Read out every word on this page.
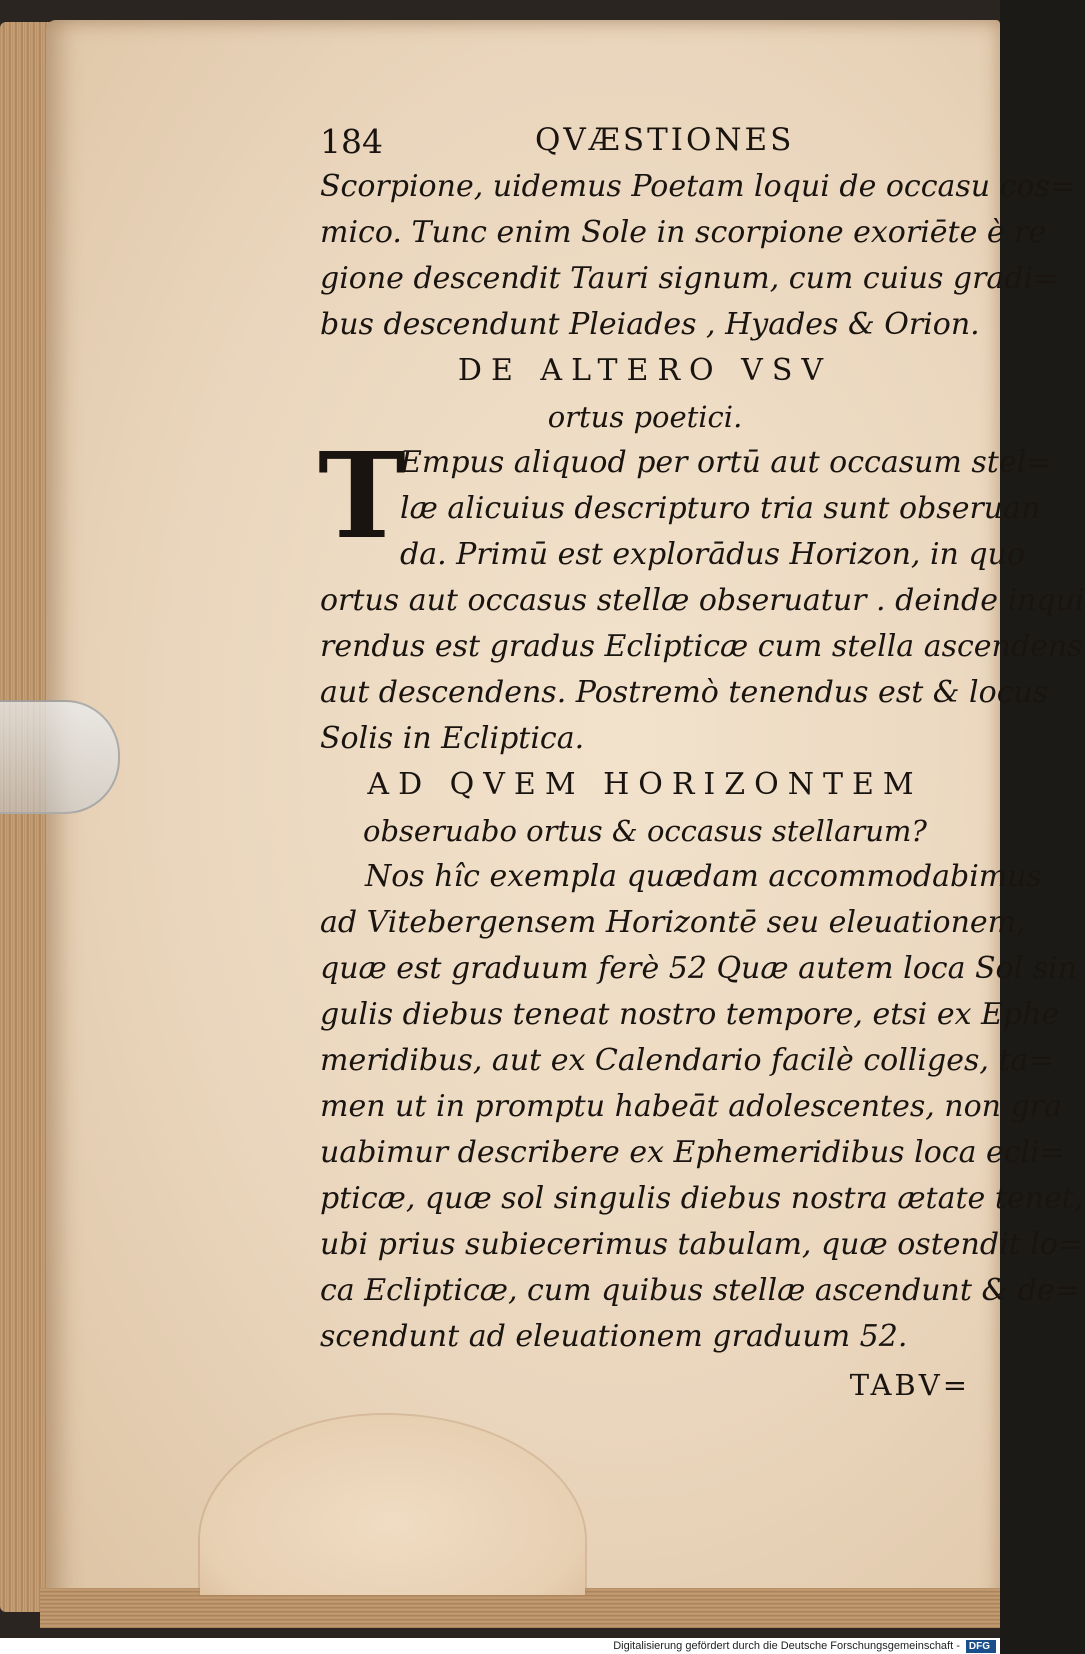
184	QVÆSTIONES
Scorpione, uidemus Poetam loqui de occasu cos=
mico. Tunc enim Sole in scorpione exoriēte è re
gione descendit Tauri signum, cum cuius gradi=
bus descendunt Pleiades , Hyades & Orion.
DE ALTERO VSV
ortus poetici.
T
Empus aliquod per ortū aut occasum stel=
læ alicuius descripturo tria sunt obseruan
da. Primū est explorādus Horizon, in quo
ortus aut occasus stellæ obseruatur . deinde inqui
rendus est gradus Eclipticæ cum stella ascendens
aut descendens. Postremò tenendus est & locus
Solis in Ecliptica.
AD QVEM HORIZONTEM
obseruabo ortus & occasus stellarum?
Nos hîc exempla quædam accommodabimus
ad Vitebergensem Horizontē seu eleuationem,
quæ est graduum ferè 52 Quæ autem loca Sol sin
gulis diebus teneat nostro tempore, etsi ex Ephe
meridibus, aut ex Calendario facilè colliges, ta=
men ut in promptu habeāt adolescentes, non gra
uabimur describere ex Ephemeridibus loca ecli=
pticæ, quæ sol singulis diebus nostra ætate tenet,
ubi prius subiecerimus tabulam, quæ ostendit lo=
ca Eclipticæ, cum quibus stellæ ascendunt & de=
scendunt ad eleuationem graduum 52.
TABV=
Digitalisierung gefördert durch die Deutsche Forschungsgemeinschaft - DFG
